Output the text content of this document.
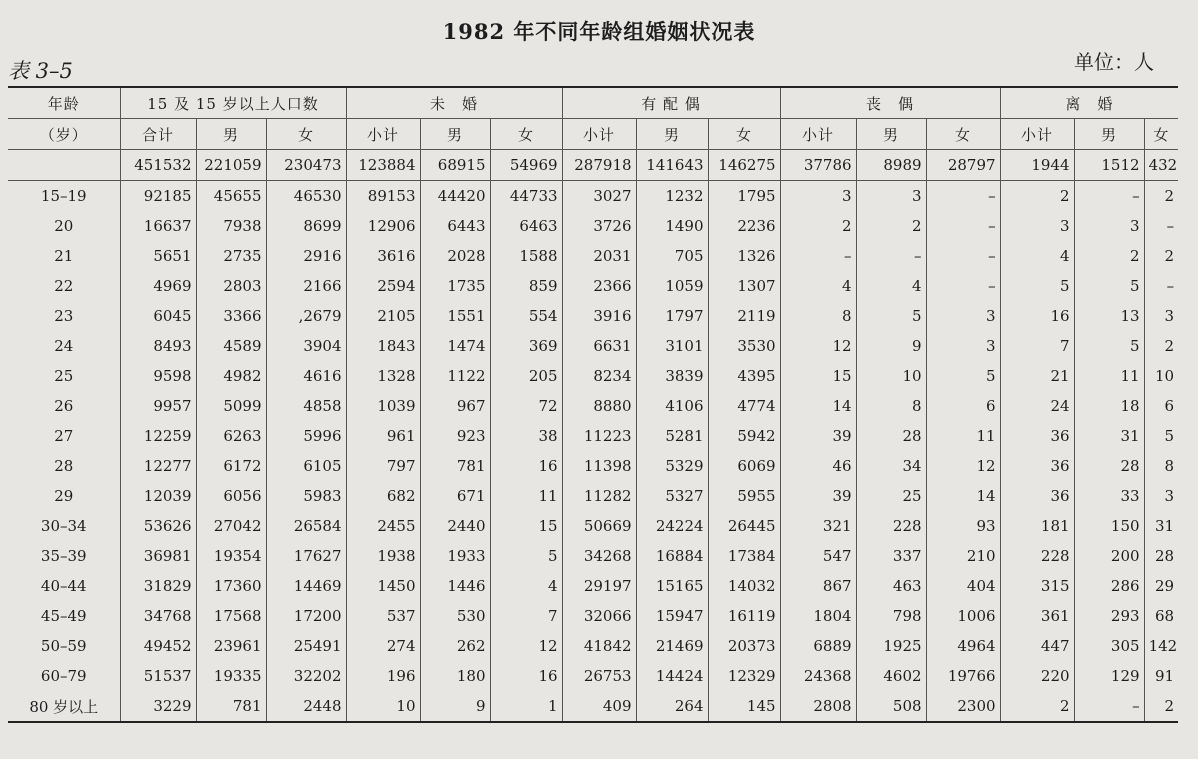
1982 年不同年龄组婚姻状况表
表 3–5	单位：人
年龄	15 及 15 岁以上人口数			未　婚			有 配 偶			丧　偶			离　婚		
（岁）	合计	男	女	小计	男	女	小计	男	女	小计	男	女	小计	男	女
	451532	221059	230473	123884	68915	54969	287918	141643	146275	37786	8989	28797	1944	1512	432
15–19	92185	45655	46530	89153	44420	44733	3027	1232	1795	3	3	–	2	–	2
20	16637	7938	8699	12906	6443	6463	3726	1490	2236	2	2	–	3	3	–
21	5651	2735	2916	3616	2028	1588	2031	705	1326	–	–	–	4	2	2
22	4969	2803	2166	2594	1735	859	2366	1059	1307	4	4	–	5	5	–
23	6045	3366	,2679	2105	1551	554	3916	1797	2119	8	5	3	16	13	3
24	8493	4589	3904	1843	1474	369	6631	3101	3530	12	9	3	7	5	2
25	9598	4982	4616	1328	1122	205	8234	3839	4395	15	10	5	21	11	10
26	9957	5099	4858	1039	967	72	8880	4106	4774	14	8	6	24	18	6
27	12259	6263	5996	961	923	38	11223	5281	5942	39	28	11	36	31	5
28	12277	6172	6105	797	781	16	11398	5329	6069	46	34	12	36	28	8
29	12039	6056	5983	682	671	11	11282	5327	5955	39	25	14	36	33	3
30–34	53626	27042	26584	2455	2440	15	50669	24224	26445	321	228	93	181	150	31
35–39	36981	19354	17627	1938	1933	5	34268	16884	17384	547	337	210	228	200	28
40–44	31829	17360	14469	1450	1446	4	29197	15165	14032	867	463	404	315	286	29
45–49	34768	17568	17200	537	530	7	32066	15947	16119	1804	798	1006	361	293	68
50–59	49452	23961	25491	274	262	12	41842	21469	20373	6889	1925	4964	447	305	142
60–79	51537	19335	32202	196	180	16	26753	14424	12329	24368	4602	19766	220	129	91
80 岁以上	3229	781	2448	10	9	1	409	264	145	2808	508	2300	2	–	2
